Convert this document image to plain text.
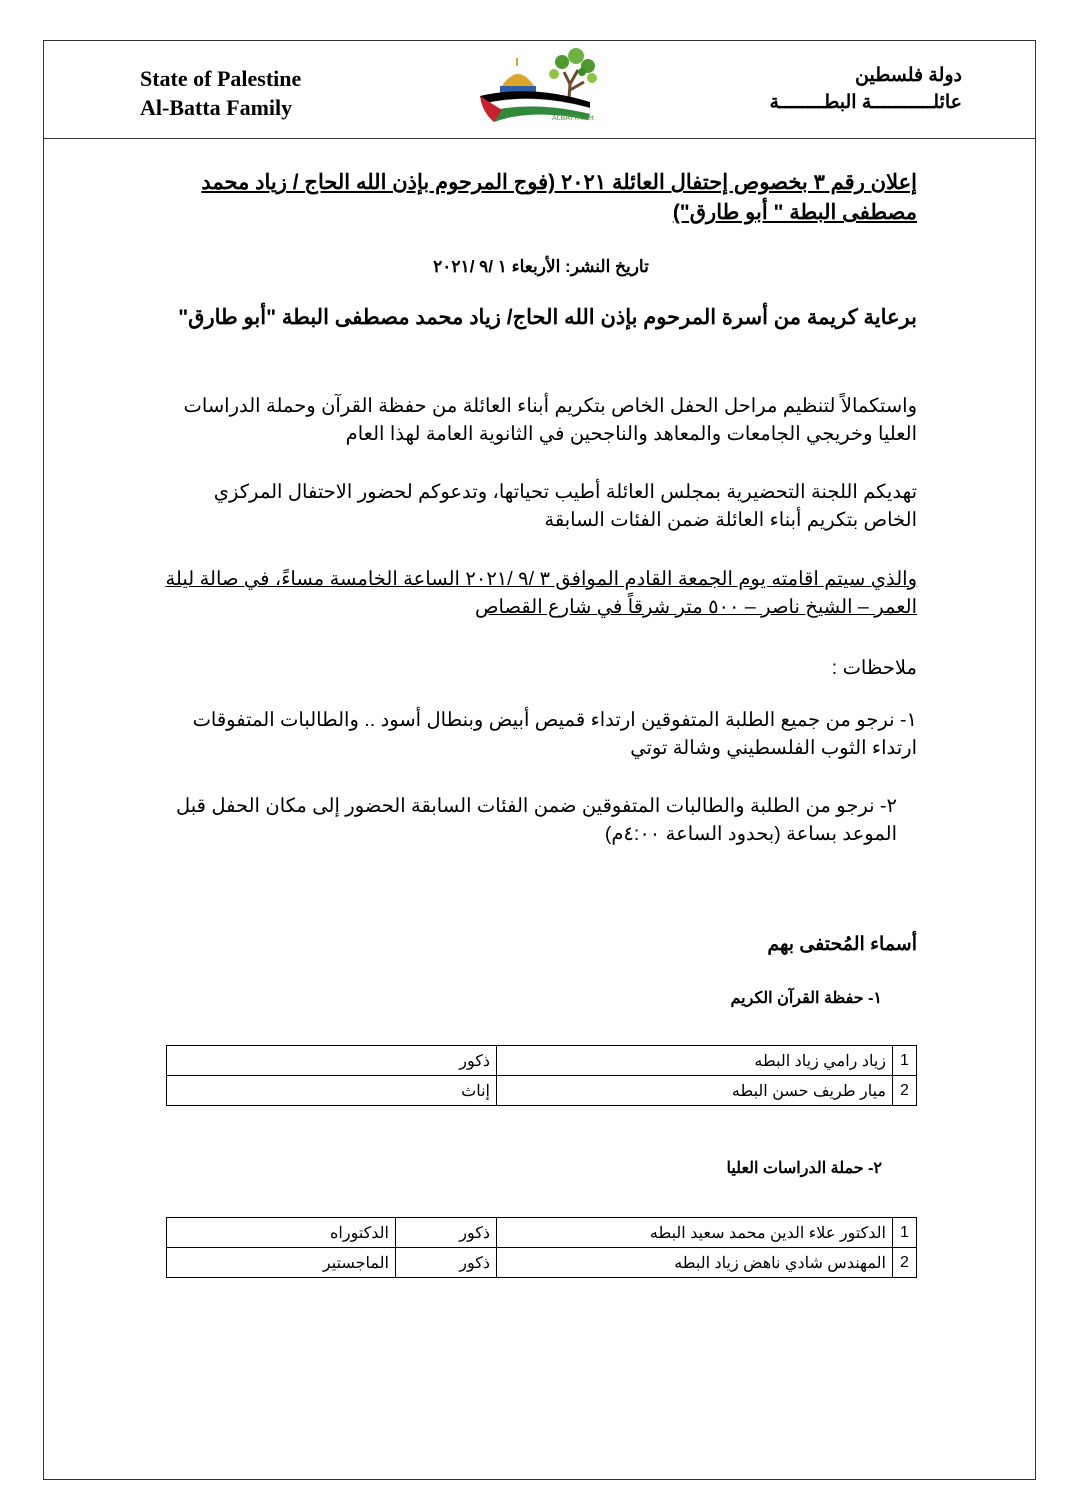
State of Palestine
Al-Batta Family	ALBATTA.net
دولة فلسطين
عائلـــــــــــة البطــــــــة
إعلان رقم ٣ بخصوص إحتفال العائلة ٢٠٢١ (فوج المرحوم بإذن الله الحاج / زياد محمد مصطفى البطة " أبو طارق")
تاريخ النشر: الأربعاء ١ /٩ /٢٠٢١
برعاية كريمة من أسرة المرحوم بإذن الله الحاج/ زياد محمد مصطفى البطة "أبو طارق"
واستكمالاً لتنظيم مراحل الحفل الخاص بتكريم أبناء العائلة من حفظة القرآن وحملة الدراسات العليا وخريجي الجامعات والمعاهد والناجحين في الثانوية العامة لهذا العام
تهديكم اللجنة التحضيرية بمجلس العائلة أطيب تحياتها، وتدعوكم لحضور الاحتفال المركزي الخاص بتكريم أبناء العائلة ضمن الفئات السابقة
والذي سيتم اقامته يوم الجمعة القادم الموافق ٣ /٩ /٢٠٢١ الساعة الخامسة مساءً، في صالة ليلة العمر – الشيخ ناصر – ٥٠٠ متر شرقاً في شارع القصاص
ملاحظات :
١- نرجو من جميع الطلبة المتفوقين ارتداء قميص أبيض وبنطال أسود .. والطالبات المتفوقات ارتداء الثوب الفلسطيني وشالة توتي
٢- نرجو من الطلبة والطالبات المتفوقين ضمن الفئات السابقة الحضور إلى مكان الحفل قبل الموعد بساعة (بحدود الساعة ٤:٠٠م)
أسماء المُحتفى بهم
١- حفظة القرآن الكريم
1	زياد رامي زياد البطه	ذكور
2	ميار طريف حسن البطه	إناث
٢- حملة الدراسات العليا
1	الدكتور علاء الدين محمد سعيد البطه	ذكور	الدكتوراه
2	المهندس شادي ناهض زياد البطه	ذكور	الماجستير
